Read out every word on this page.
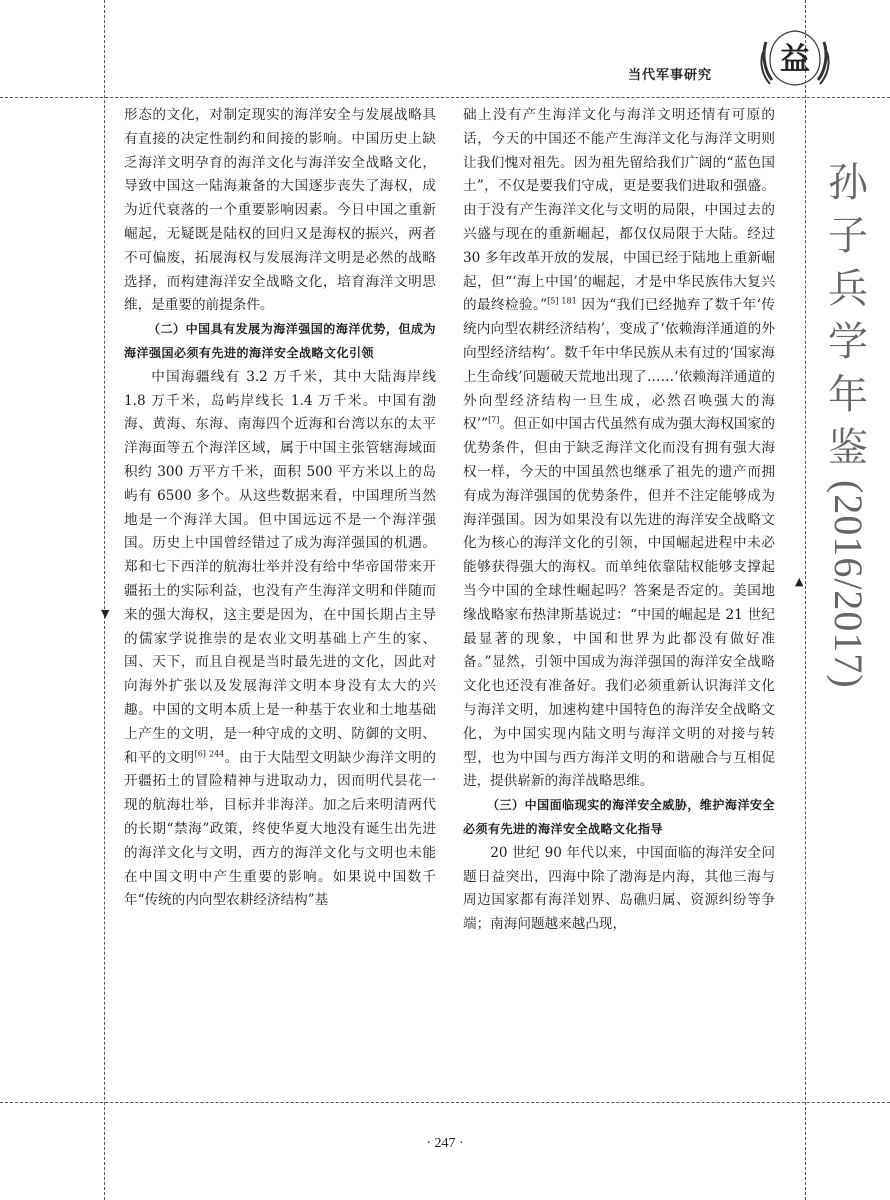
当代军事研究	益

形态的文化，对制定现实的海洋安全与发展战略具有直接的决定性制约和间接的影响。中国历史上缺乏海洋文明孕育的海洋文化与海洋安全战略文化，导致中国这一陆海兼备的大国逐步丧失了海权，成为近代衰落的一个重要影响因素。今日中国之重新崛起，无疑既是陆权的回归又是海权的振兴，两者不可偏废，拓展海权与发展海洋文明是必然的战略选择，而构建海洋安全战略文化，培育海洋文明思维，是重要的前提条件。

（二）中国具有发展为海洋强国的海洋优势，但成为海洋强国必须有先进的海洋安全战略文化引领

中国海疆线有 3.2 万千米，其中大陆海岸线 1.8 万千米，岛屿岸线长 1.4 万千米。中国有渤海、黄海、东海、南海四个近海和台湾以东的太平洋海面等五个海洋区域，属于中国主张管辖海域面积约 300 万平方千米，面积 500 平方米以上的岛屿有 6500 多个。从这些数据来看，中国理所当然地是一个海洋大国。但中国远远不是一个海洋强国。历史上中国曾经错过了成为海洋强国的机遇。郑和七下西洋的航海壮举并没有给中华帝国带来开疆拓土的实际利益，也没有产生海洋文明和伴随而来的强大海权，这主要是因为，在中国长期占主导的儒家学说推崇的是农业文明基础上产生的家、国、天下，而且自视是当时最先进的文化，因此对向海外扩张以及发展海洋文明本身没有太大的兴趣。中国的文明本质上是一种基于农业和土地基础上产生的文明，是一种守成的文明、防御的文明、和平的文明$^{[6] 244}$。由于大陆型文明缺少海洋文明的开疆拓土的冒险精神与进取动力，因而明代昙花一现的航海壮举，目标并非海洋。加之后来明清两代的长期“禁海”政策，终使华夏大地没有诞生出先进的海洋文化与文明，西方的海洋文化与文明也未能在中国文明中产生重要的影响。如果说中国数千年“传统的内向型农耕经济结构”基

础上没有产生海洋文化与海洋文明还情有可原的话，今天的中国还不能产生海洋文化与海洋文明则让我们愧对祖先。因为祖先留给我们广阔的“蓝色国土”，不仅是要我们守成，更是要我们进取和强盛。由于没有产生海洋文化与文明的局限，中国过去的兴盛与现在的重新崛起，都仅仅局限于大陆。经过 30 多年改革开放的发展，中国已经于陆地上重新崛起，但“‘海上中国’的崛起，才是中华民族伟大复兴的最终检验。”$^{[5] 181}$ 因为“我们已经抛弃了数千年‘传统内向型农耕经济结构’，变成了‘依赖海洋通道的外向型经济结构’。数千年中华民族从未有过的‘国家海上生命线’问题破天荒地出现了……‘依赖海洋通道的外向型经济结构一旦生成，必然召唤强大的海权’”[7]。但正如中国古代虽然有成为强大海权国家的优势条件，但由于缺乏海洋文化而没有拥有强大海权一样，今天的中国虽然也继承了祖先的遗产而拥有成为海洋强国的优势条件，但并不注定能够成为海洋强国。因为如果没有以先进的海洋安全战略文化为核心的海洋文化的引领，中国崛起进程中未必能够获得强大的海权。而单纯依靠陆权能够支撑起当今中国的全球性崛起吗？答案是否定的。美国地缘战略家布热津斯基说过：“中国的崛起是 21 世纪最显著的现象，中国和世界为此都没有做好准备。”显然，引领中国成为海洋强国的海洋安全战略文化也还没有准备好。我们必须重新认识海洋文化与海洋文明，加速构建中国特色的海洋安全战略文化，为中国实现内陆文明与海洋文明的对接与转型，也为中国与西方海洋文明的和谐融合与互相促进，提供崭新的海洋战略思维。

（三）中国面临现实的海洋安全威胁，维护海洋安全必须有先进的海洋安全战略文化指导

20 世纪 90 年代以来，中国面临的海洋安全问题日益突出，四海中除了渤海是内海，其他三海与周边国家都有海洋划界、岛礁归属、资源纠纷等争端；南海问题越来越凸现，

孙
子
兵
学
年
鉴
(2016/2017)
▼
▲
· 247 ·
